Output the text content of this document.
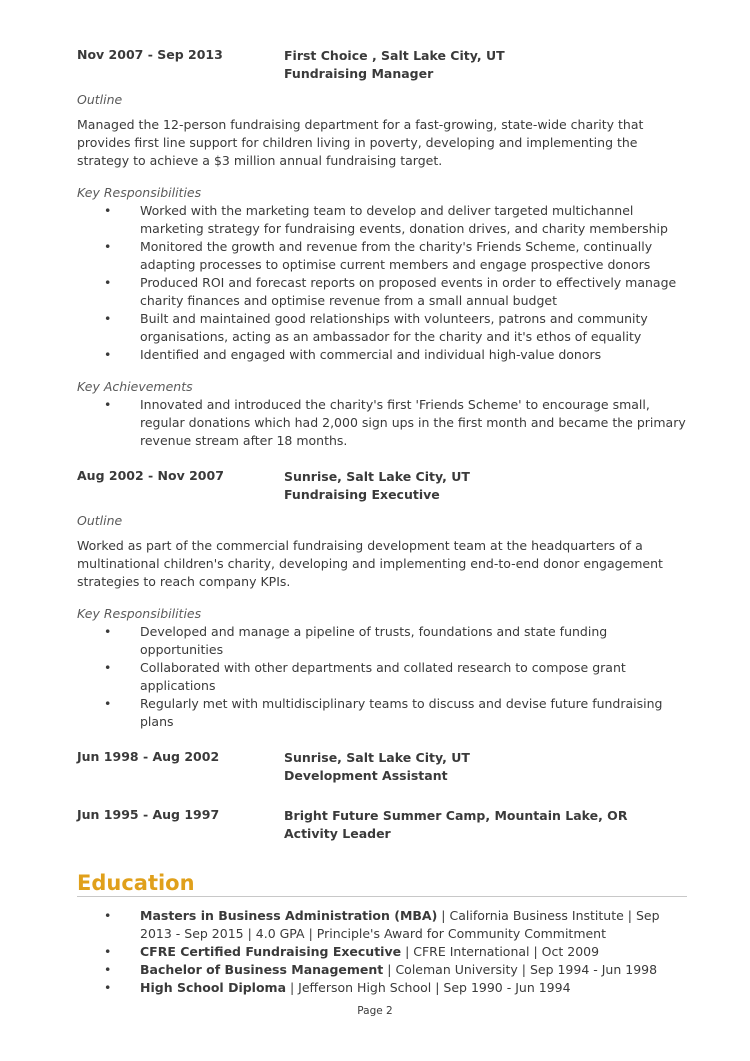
Nov 2007 - Sep 2013	First Choice , Salt Lake City, UT
Fundraising Manager
Outline
Managed the 12-person fundraising department for a fast-growing, state-wide charity that provides first line support for children living in poverty, developing and implementing the strategy to achieve a $3 million annual fundraising target.
Key Responsibilities
• Worked with the marketing team to develop and deliver targeted multichannel marketing strategy for fundraising events, donation drives, and charity membership
• Monitored the growth and revenue from the charity's Friends Scheme, continually adapting processes to optimise current members and engage prospective donors
• Produced ROI and forecast reports on proposed events in order to effectively manage charity finances and optimise revenue from a small annual budget
• Built and maintained good relationships with volunteers, patrons and community organisations, acting as an ambassador for the charity and it's ethos of equality
• Identified and engaged with commercial and individual high-value donors
Key Achievements
• Innovated and introduced the charity's first 'Friends Scheme' to encourage small, regular donations which had 2,000 sign ups in the first month and became the primary revenue stream after 18 months.
Aug 2002 - Nov 2007	Sunrise, Salt Lake City, UT
Fundraising Executive
Outline
Worked as part of the commercial fundraising development team at the headquarters of a multinational children's charity, developing and implementing end-to-end donor engagement strategies to reach company KPIs.
Key Responsibilities
• Developed and manage a pipeline of trusts, foundations and state funding opportunities
• Collaborated with other departments and collated research to compose grant applications
• Regularly met with multidisciplinary teams to discuss and devise future fundraising plans
Jun 1998 - Aug 2002	Sunrise, Salt Lake City, UT
Development Assistant
Jun 1995 - Aug 1997	Bright Future Summer Camp, Mountain Lake, OR
Activity Leader
Education
• Masters in Business Administration (MBA) | California Business Institute | Sep 2013 - Sep 2015 | 4.0 GPA | Principle's Award for Community Commitment
• CFRE Certified Fundraising Executive | CFRE International | Oct 2009
• Bachelor of Business Management | Coleman University | Sep 1994 - Jun 1998
• High School Diploma | Jefferson High School | Sep 1990 - Jun 1994
Page 2
